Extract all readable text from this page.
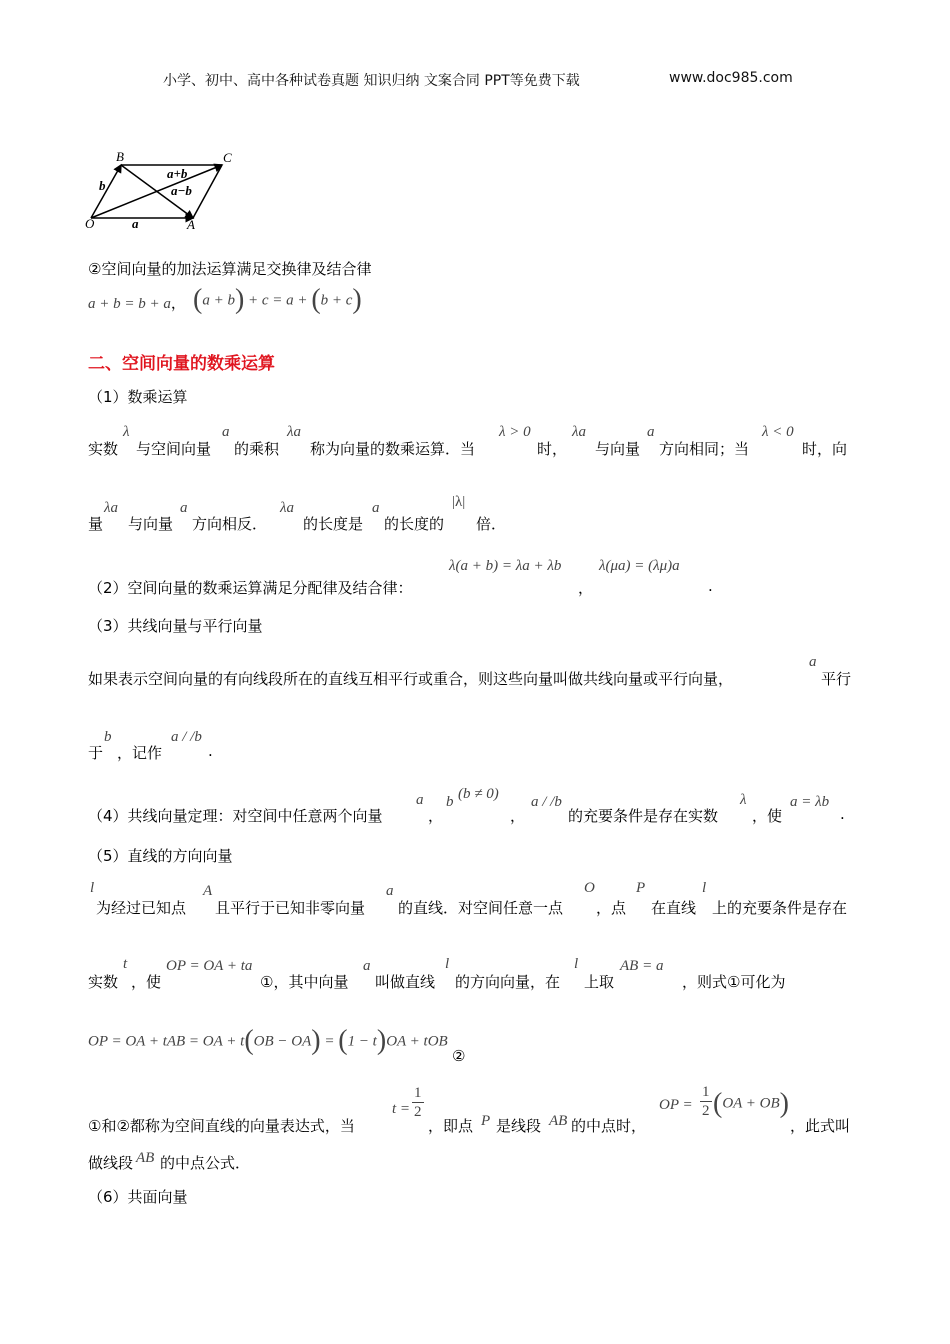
小学、初中、高中各种试卷真题 知识归纳 文案合同 PPT等免费下载	www.doc985.com
B	C
O	A
b
a
a+b
a−b
②空间向量的加法运算满足交换律及结合律
a + b = b + a， (a + b) + c = a + (b + c)
二、空间向量的数乘运算
（1）数乘运算
实数
λ
与空间向量
a
的乘积
λa
称为向量的数乘运算．当
λ > 0
时，
λa
与向量
a
方向相同；当
λ < 0
时，向
量
λa
与向量
a
方向相反．
λa
的长度是
a
的长度的
|λ|
倍．
（2）空间向量的数乘运算满足分配律及结合律：
λ(a + b) = λa + λb
，
λ(μa) = (λμ)a
.
（3）共线向量与平行向量
如果表示空间向量的有向线段所在的直线互相平行或重合，则这些向量叫做共线向量或平行向量，
a
平行
于
b
，记作
a / /b
.
（4）共线向量定理：对空间中任意两个向量
a
，
b (b ≠ 0)
，
a / /b
的充要条件是存在实数
λ
，使
a = λb
.
（5）直线的方向向量
l
为经过已知点
A
且平行于已知非零向量
a
的直线．对空间任意一点
O
，点
P
在直线
l
上的充要条件是存在
实数
t
，使
OP = OA + ta
①，其中向量
a
叫做直线
l
的方向向量，在
l
上取
AB = a
，则式①可化为
OP = OA + tAB = OA + t(OB − OA) = (1 − t)OA + tOB
②
①和②都称为空间直线的向量表达式，当
$t = \frac{1}{2}$
，即点 P 是线段 AB 的中点时，
OP = $\frac{1}{2} (OA + OB)$
，此式叫
做线段 AB 的中点公式．
（6）共面向量
